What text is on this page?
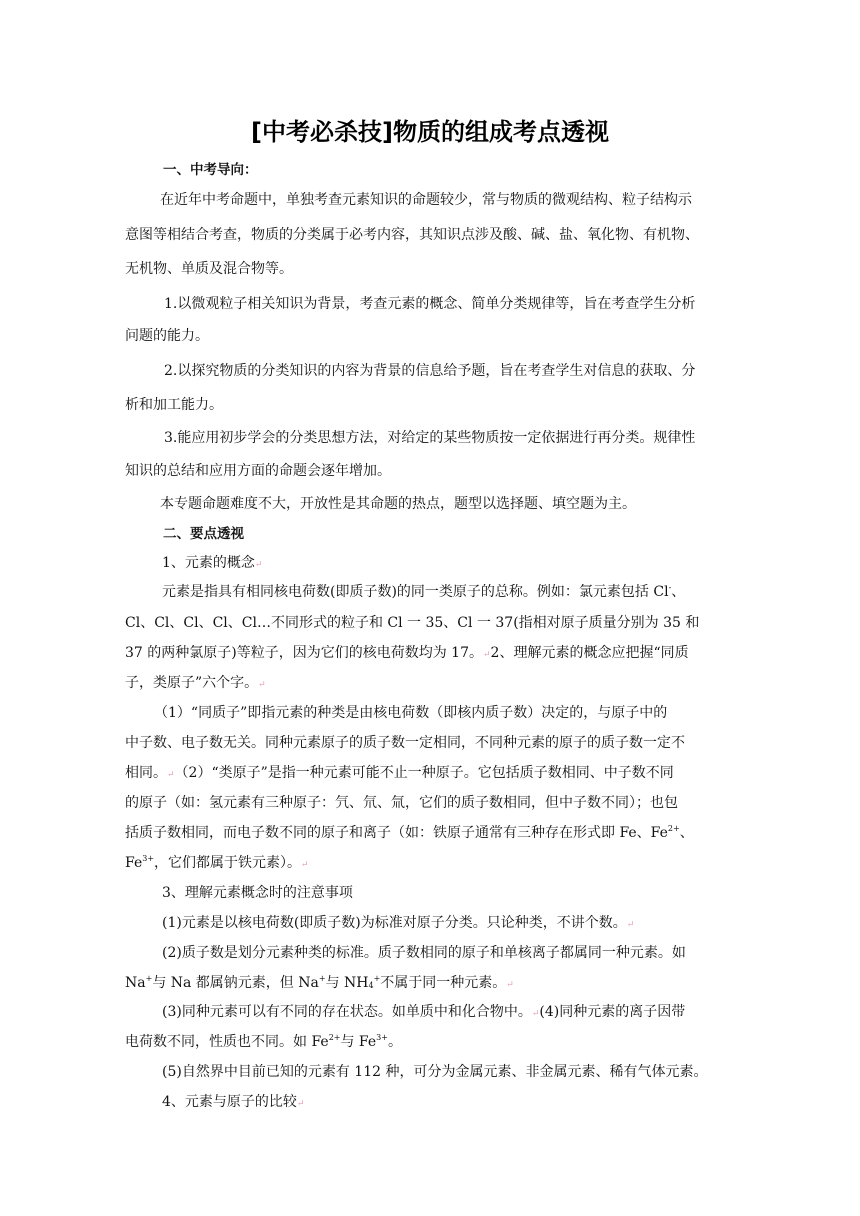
[中考必杀技]物质的组成考点透视
一、中考导向：
在近年中考命题中，单独考查元素知识的命题较少，常与物质的微观结构、粒子结构示
意图等相结合考查，物质的分类属于必考内容，其知识点涉及酸、碱、盐、氧化物、有机物、
无机物、单质及混合物等。
1.以微观粒子相关知识为背景，考查元素的概念、简单分类规律等，旨在考查学生分析
问题的能力。
2.以探究物质的分类知识的内容为背景的信息给予题，旨在考查学生对信息的获取、分
析和加工能力。
3.能应用初步学会的分类思想方法，对给定的某些物质按一定依据进行再分类。规律性
知识的总结和应用方面的命题会逐年增加。
本专题命题难度不大，开放性是其命题的热点，题型以选择题、填空题为主。
二、要点透视
1、元素的概念↵
元素是指具有相同核电荷数(即质子数)的同一类原子的总称。例如：氯元素包括 Cl-、
Cl、Cl、Cl、Cl、Cl…不同形式的粒子和 Cl 一 35、Cl 一 37(指相对原子质量分别为 35 和
37 的两种氯原子)等粒子，因为它们的核电荷数均为 17。↵2、理解元素的概念应把握“同质
子，类原子”六个字。↵
（1）“同质子”即指元素的种类是由核电荷数（即核内质子数）决定的，与原子中的
中子数、电子数无关。同种元素原子的质子数一定相同，不同种元素的原子的质子数一定不
相同。↵（2）“类原子”是指一种元素可能不止一种原子。它包括质子数相同、中子数不同
的原子（如：氢元素有三种原子：氕、氘、氚，它们的质子数相同，但中子数不同）；也包
括质子数相同，而电子数不同的原子和离子（如：铁原子通常有三种存在形式即 Fe、$Fe^{2+}$、
$Fe^{3+}$，它们都属于铁元素）。↵
3、理解元素概念时的注意事项
(1)元素是以核电荷数(即质子数)为标准对原子分类。只论种类，不讲个数。↵
(2)质子数是划分元素种类的标准。质子数相同的原子和单核离子都属同一种元素。如
Na+与 Na 都属钠元素，但 Na+与 $NH_4^+$不属于同一种元素。↵
(3)同种元素可以有不同的存在状态。如单质中和化合物中。↵(4)同种元素的离子因带
电荷数不同，性质也不同。如 $Fe^{2+}$与 $Fe^{3+}$。
(5)自然界中目前已知的元素有 112 种，可分为金属元素、非金属元素、稀有气体元素。
4、元素与原子的比较↵
